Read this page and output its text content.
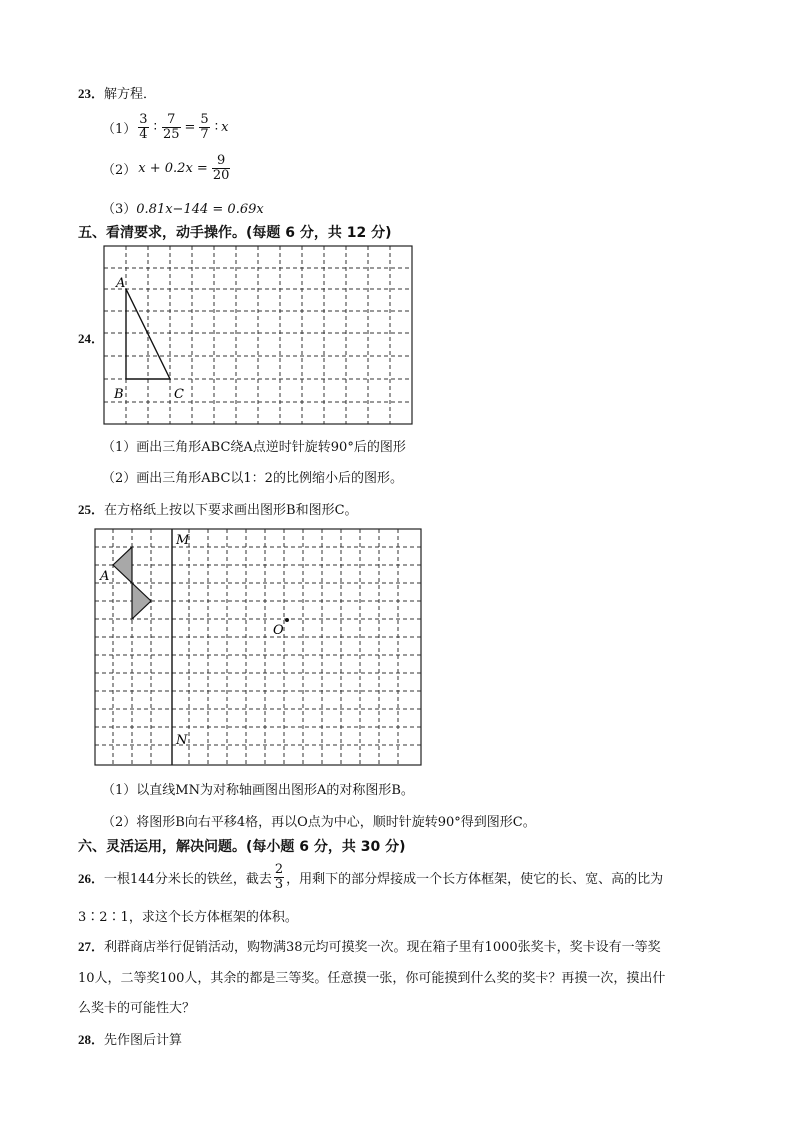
23．解方程．
$(1) \frac{3}{4}$ ∶ $\frac{7}{25} = \frac{5}{7}$ ∶ x
（2） $x + 0.2x = \frac{9}{20}$
（3）0.81x−144 = 0.69x
五、看清要求，动手操作。(每题 6 分，共 12 分)
24．
A
B	C
（1）画出三角形ABC绕A点逆时针旋转90°后的图形
（2）画出三角形ABC以1：2的比例缩小后的图形。
25．在方格纸上按以下要求画出图形B和图形C。
A
M
N
O
（1）以直线MN为对称轴画图出图形A的对称图形B。
（2）将图形B向右平移4格，再以O点为中心，顺时针旋转90°得到图形C。
六、灵活运用，解决问题。(每小题 6 分，共 30 分)
26． 一根144分米长的铁丝，截去 $\frac{2}{3}$ ，用剩下的部分焊接成一个长方体框架，使它的长、宽、高的比为
3∶2∶1，求这个长方体框架的体积。
27．利群商店举行促销活动，购物满38元均可摸奖一次。现在箱子里有1000张奖卡，奖卡设有一等奖
10人，二等奖100人，其余的都是三等奖。任意摸一张，你可能摸到什么奖的奖卡？再摸一次，摸出什
么奖卡的可能性大？
28．先作图后计算
